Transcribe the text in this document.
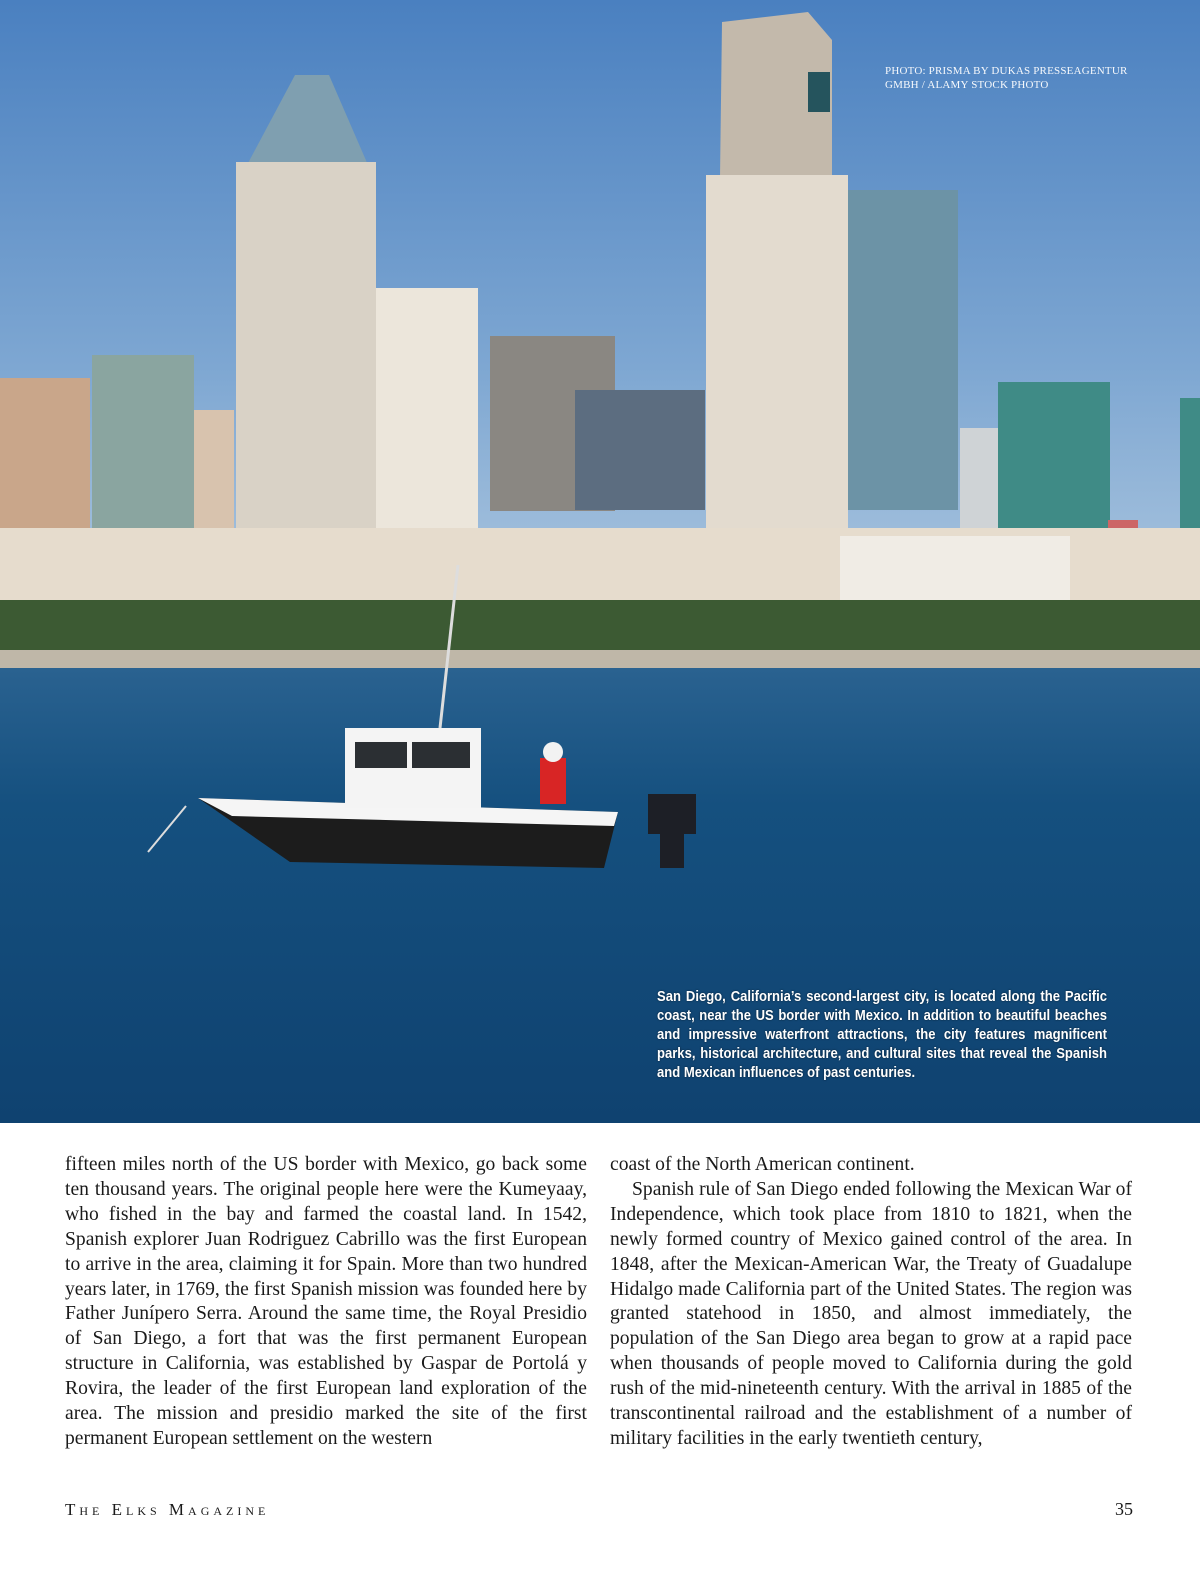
PHOTO: PRISMA BY DUKAS PRESSEAGENTUR GMBH / ALAMY STOCK PHOTO
San Diego, California’s second-largest city, is located along the Pacific coast, near the US border with Mexico. In addition to beautiful beaches and impressive waterfront attractions, the city features magnificent parks, historical architecture, and cultural sites that reveal the Spanish and Mexican influences of past centuries.

fifteen miles north of the US border with Mexico, go back some ten thousand years. The original people here were the Kumeyaay, who fished in the bay and farmed the coastal land. In 1542, Spanish explorer Juan Rodriguez Cabrillo was the first European to arrive in the area, claiming it for Spain. More than two hundred years later, in 1769, the first Spanish mission was founded here by Father Junípero Serra. Around the same time, the Royal Presidio of San Diego, a fort that was the first permanent European structure in California, was established by Gaspar de Portolá y Rovira, the leader of the first European land exploration of the area. The mission and presidio marked the site of the first permanent European settlement on the western

coast of the North American continent.

Spanish rule of San Diego ended following the Mexican War of Independence, which took place from 1810 to 1821, when the newly formed country of Mexico gained control of the area. In 1848, after the Mexican-American War, the Treaty of Guadalupe Hidalgo made California part of the United States. The region was granted statehood in 1850, and almost immediately, the population of the San Diego area began to grow at a rapid pace when thousands of people moved to California during the gold rush of the mid-nineteenth century. With the arrival in 1885 of the transcontinental railroad and the establishment of a number of military facilities in the early twentieth century,

The Elks Magazine	35
